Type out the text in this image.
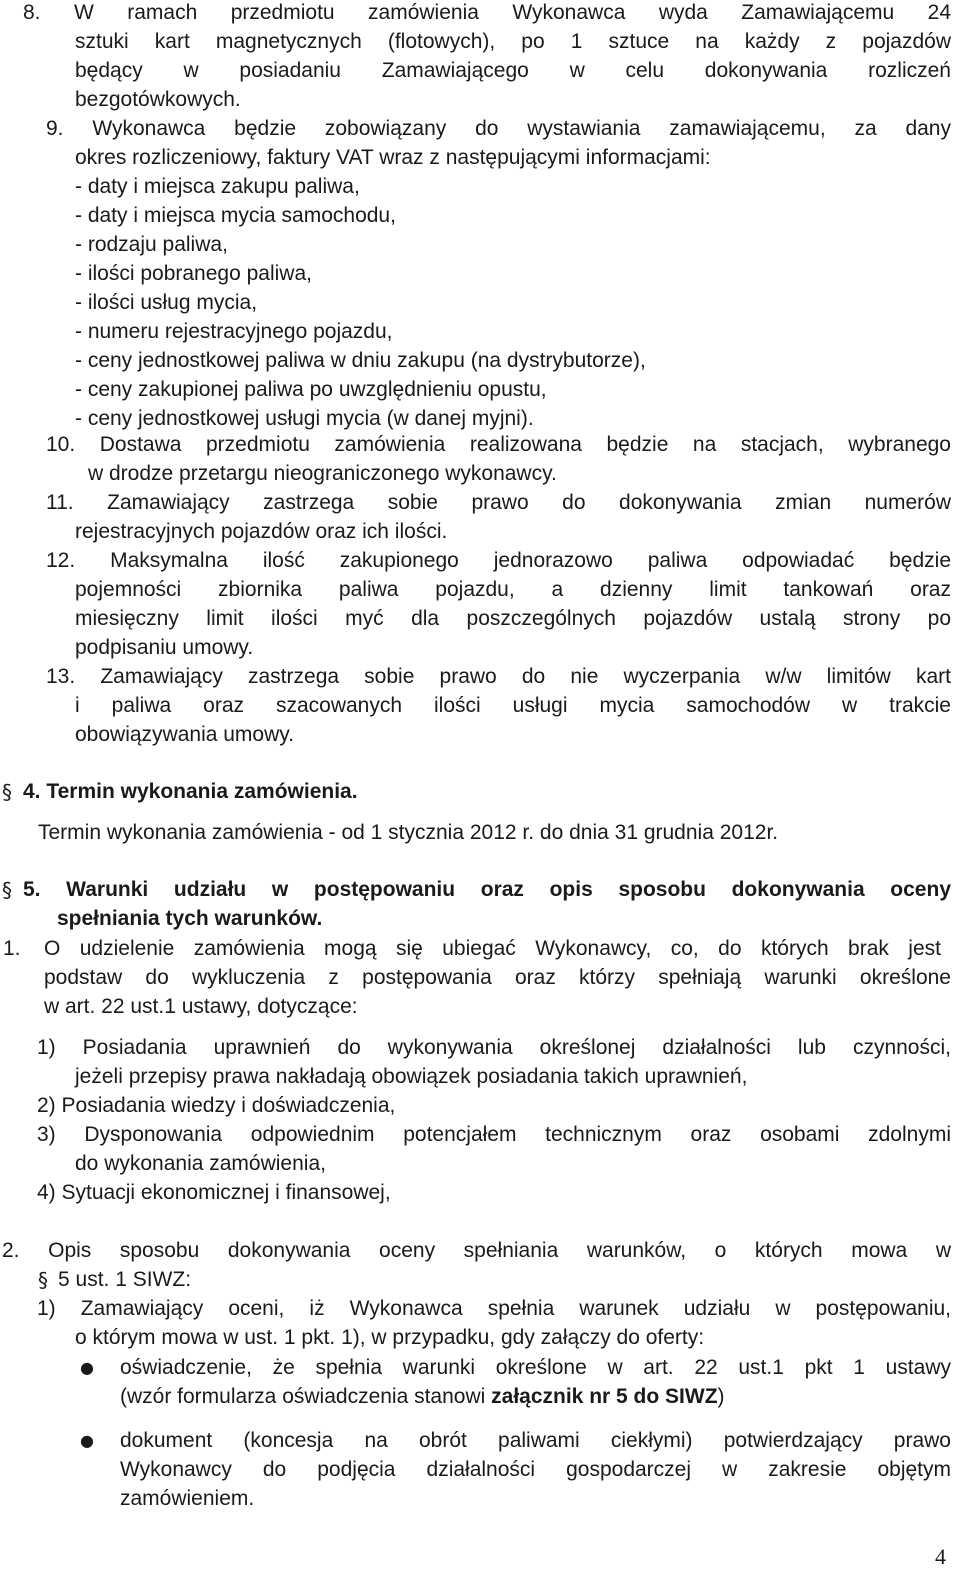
8. W ramach przedmiotu zamówienia Wykonawca wyda Zamawiającemu 24
sztuki kart magnetycznych (flotowych), po 1 sztuce na każdy z pojazdów
będący w posiadaniu Zamawiającego w celu dokonywania rozliczeń
bezgotówkowych.
9. Wykonawca będzie zobowiązany do wystawiania zamawiającemu, za dany
okres rozliczeniowy, faktury VAT wraz z następującymi informacjami:
- daty i miejsca zakupu paliwa,
- daty i miejsca mycia samochodu,
- rodzaju paliwa,
- ilości pobranego paliwa,
- ilości usług mycia,
- numeru rejestracyjnego pojazdu,
- ceny jednostkowej paliwa w dniu zakupu (na dystrybutorze),
- ceny zakupionej paliwa po uwzględnieniu opustu,
- ceny jednostkowej usługi mycia (w danej myjni).
10. Dostawa przedmiotu zamówienia realizowana będzie na stacjach, wybranego
w drodze przetargu nieograniczonego wykonawcy.
11. Zamawiający zastrzega sobie prawo do dokonywania zmian numerów
rejestracyjnych pojazdów oraz ich ilości.
12. Maksymalna ilość zakupionego jednorazowo paliwa odpowiadać będzie
pojemności zbiornika paliwa pojazdu, a dzienny limit tankowań oraz
miesięczny limit ilości myć dla poszczególnych pojazdów ustalą strony po
podpisaniu umowy.
13. Zamawiający zastrzega sobie prawo do nie wyczerpania w/w limitów kart
i paliwa oraz szacowanych ilości usługi mycia samochodów w trakcie
obowiązywania umowy.
§ 4. Termin wykonania zamówienia.
Termin wykonania zamówienia - od 1 stycznia 2012 r. do dnia 31 grudnia 2012r.
§ 5. Warunki udziału w postępowaniu oraz opis sposobu dokonywania oceny
spełniania tych warunków.
1. O udzielenie zamówienia mogą się ubiegać Wykonawcy, co, do których brak jest
podstaw do wykluczenia z postępowania oraz którzy spełniają warunki określone
w art. 22 ust.1 ustawy, dotyczące:
1) Posiadania uprawnień do wykonywania określonej działalności lub czynności,
jeżeli przepisy prawa nakładają obowiązek posiadania takich uprawnień,
2) Posiadania wiedzy i doświadczenia,
3) Dysponowania odpowiednim potencjałem technicznym oraz osobami zdolnymi
do wykonania zamówienia,
4) Sytuacji ekonomicznej i finansowej,
2. Opis sposobu dokonywania oceny spełniania warunków, o których mowa w
§ 5 ust. 1 SIWZ:
1) Zamawiający oceni, iż Wykonawca spełnia warunek udziału w postępowaniu,
o którym mowa w ust. 1 pkt. 1), w przypadku, gdy załączy do oferty:
● oświadczenie, że spełnia warunki określone w art. 22 ust.1 pkt 1 ustawy
(wzór formularza oświadczenia stanowi załącznik nr 5 do SIWZ)
● dokument (koncesja na obrót paliwami ciekłymi) potwierdzający prawo
Wykonawcy do podjęcia działalności gospodarczej w zakresie objętym
zamówieniem.
4
